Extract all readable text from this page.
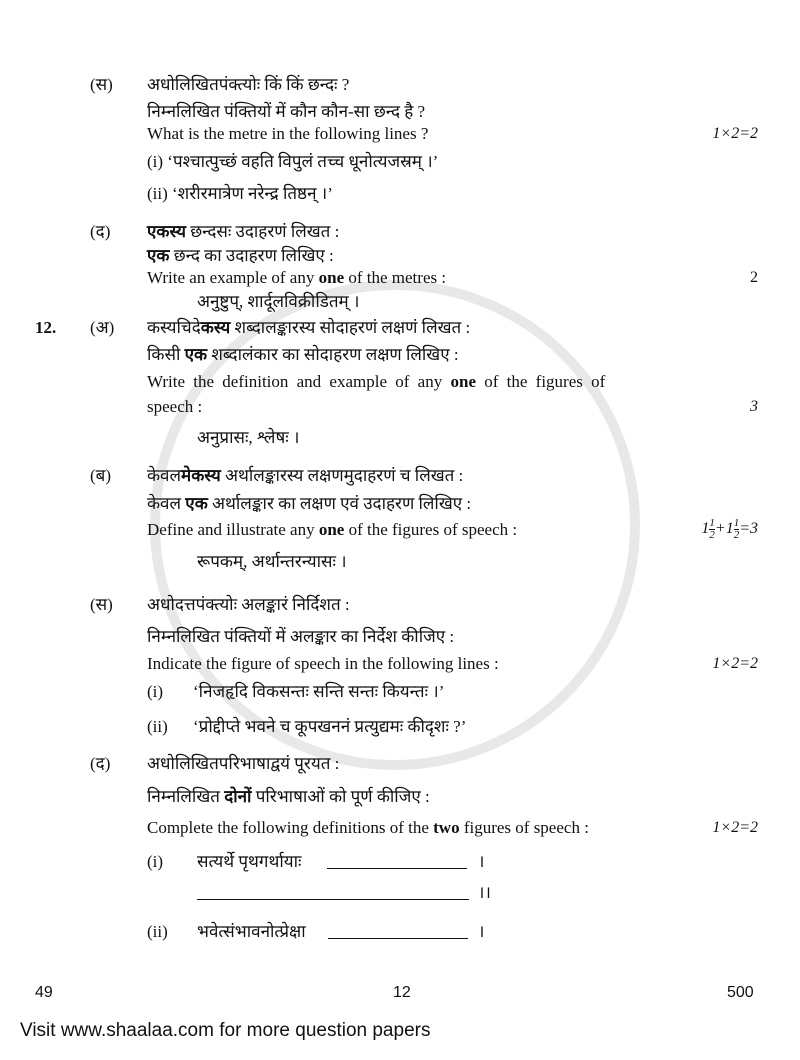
(स) अधोलिखितपंक्त्योः किं किं छन्दः ?
निम्नलिखित पंक्तियों में कौन कौन-सा छन्द है ?
What is the metre in the following lines ?	1×2=2
(i) ‘पश्चात्पुच्छं वहति विपुलं तच्च धूनोत्यजस्रम् ।’
(ii) ‘शरीरमात्रेण नरेन्द्र तिष्ठन् ।’
(द) एकस्य छन्दसः उदाहरणं लिखत :
एक छन्द का उदाहरण लिखिए :
Write an example of any one of the metres :	2
अनुष्टुप्, शार्दूलविक्रीडितम् ।
12. (अ) कस्यचिदेकस्य शब्दालङ्कारस्य सोदाहरणं लक्षणं लिखत :
किसी एक शब्दालंकार का सोदाहरण लक्षण लिखिए :
Write the definition and example of any one of the figures of
speech :	3
अनुप्रासः, श्लेषः ।
(ब) केवलमेकस्य अर्थालङ्कारस्य लक्षणमुदाहरणं च लिखत :
केवल एक अर्थालङ्कार का लक्षण एवं उदाहरण लिखिए :
Define and illustrate any one of the figures of speech :	$1 \frac{1}{2} +1 \frac{1}{2} =3$
रूपकम्, अर्थान्तरन्यासः ।
(स) अधोदत्तपंक्त्योः अलङ्कारं निर्दिशत :
निम्नलिखित पंक्तियों में अलङ्कार का निर्देश कीजिए :
Indicate the figure of speech in the following lines :	1×2=2
(i) ‘निजहृदि विकसन्तः सन्ति सन्तः कियन्तः ।’
(ii) ‘प्रोद्दीप्ते भवने च कूपखननं प्रत्युद्यमः कीदृशः ?’
(द) अधोलिखितपरिभाषाद्वयं पूरयत :
निम्नलिखित दोनों परिभाषाओं को पूर्ण कीजिए :
Complete the following definitions of the two figures of speech :	1×2=2
(i) सत्यर्थे पृथगर्थायाः	।
।।
(ii) भवेत्संभावनोत्प्रेक्षा	।
49	12	500
Visit www.shaalaa.com for more question papers
